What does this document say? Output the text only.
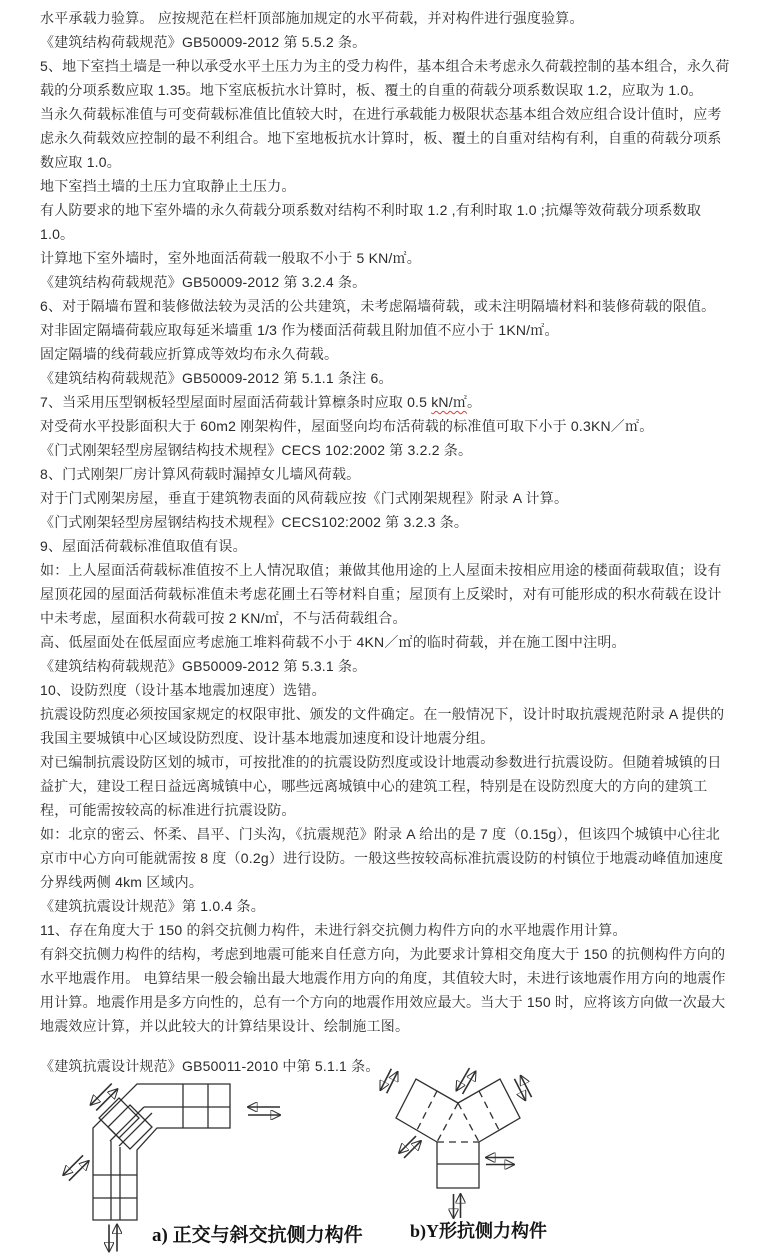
水平承载力验算。 应按规范在栏杆顶部施加规定的水平荷载，并对构件进行强度验算。

《建筑结构荷载规范》GB50009-2012 第 5.5.2 条。

5、地下室挡土墙是一种以承受水平土压力为主的受力构件，基本组合未考虑永久荷载控制的基本组合，永久荷载的分项系数应取 1.35。地下室底板抗水计算时，板、覆土的自重的荷载分项系数误取 1.2，应取为 1.0。

当永久荷载标准值与可变荷载标准值比值较大时，在进行承载能力极限状态基本组合效应组合设计值时，应考虑永久荷载效应控制的最不利组合。地下室地板抗水计算时，板、覆土的自重对结构有利，自重的荷载分项系数应取 1.0。

地下室挡土墙的土压力宜取静止土压力。

有人防要求的地下室外墙的永久荷载分项系数对结构不利时取 1.2 ,有利时取 1.0 ;抗爆等效荷载分项系数取 1.0。

计算地下室外墙时，室外地面活荷载一般取不小于 5 KN/㎡。

《建筑结构荷载规范》GB50009-2012 第 3.2.4 条。

6、对于隔墙布置和装修做法较为灵活的公共建筑，未考虑隔墙荷载，或未注明隔墙材料和装修荷载的限值。

对非固定隔墙荷载应取每延米墙重 1/3 作为楼面活荷载且附加值不应小于 1KN/㎡。

固定隔墙的线荷载应折算成等效均布永久荷载。

《建筑结构荷载规范》GB50009-2012 第 5.1.1 条注 6。

7、当采用压型钢板轻型屋面时屋面活荷载计算檩条时应取 0.5 kN/㎡。

对受荷水平投影面积大于 60m2 刚架构件，屋面竖向均布活荷载的标准值可取下小于 0.3KN／㎡。

《门式刚架轻型房屋钢结构技术规程》CECS 102:2002 第 3.2.2 条。

8、门式刚架厂房计算风荷载时漏掉女儿墙风荷载。

对于门式刚架房屋，垂直于建筑物表面的风荷载应按《门式刚架规程》附录 A 计算。

《门式刚架轻型房屋钢结构技术规程》CECS102:2002 第 3.2.3 条。

9、屋面活荷载标准值取值有误。

如：上人屋面活荷载标准值按不上人情况取值；兼做其他用途的上人屋面未按相应用途的楼面荷载取值；设有屋顶花园的屋面活荷载标准值未考虑花圃土石等材料自重；屋顶有上反梁时，对有可能形成的积水荷载在设计中未考虑，屋面积水荷载可按 2 KN/㎡，不与活荷载组合。

高、低屋面处在低屋面应考虑施工堆料荷载不小于 4KN／㎡的临时荷载，并在施工图中注明。

《建筑结构荷载规范》GB50009-2012 第 5.3.1 条。

10、设防烈度（设计基本地震加速度）选错。

抗震设防烈度必须按国家规定的权限审批、颁发的文件确定。在一般情况下，设计时取抗震规范附录 A 提供的我国主要城镇中心区域设防烈度、设计基本地震加速度和设计地震分组。

对已编制抗震设防区划的城市，可按批准的的抗震设防烈度或设计地震动参数进行抗震设防。但随着城镇的日益扩大，建设工程日益远离城镇中心，哪些远离城镇中心的建筑工程，特别是在设防烈度大的方向的建筑工程，可能需按较高的标准进行抗震设防。

如：北京的密云、怀柔、昌平、门头沟，《抗震规范》附录 A 给出的是 7 度（0.15g），但该四个城镇中心往北京市中心方向可能就需按 8 度（0.2g）进行设防。一般这些按较高标准抗震设防的村镇位于地震动峰值加速度分界线两侧 4km 区域内。

《建筑抗震设计规范》第 1.0.4 条。

11、存在角度大于 150 的斜交抗侧力构件，未进行斜交抗侧力构件方向的水平地震作用计算。

有斜交抗侧力构件的结构，考虑到地震可能来自任意方向，为此要求计算相交角度大于 150 的抗侧构件方向的水平地震作用。 电算结果一般会输出最大地震作用方向的角度，其值较大时，未进行该地震作用方向的地震作用计算。地震作用是多方向性的，总有一个方向的地震作用效应最大。当大于 150 时，应将该方向做一次最大地震效应计算，并以此较大的计算结果设计、绘制施工图。

《建筑抗震设计规范》GB50011-2010 中第 5.1.1 条。

a) 正交与斜交抗侧力构件	b)Y形抗侧力构件
